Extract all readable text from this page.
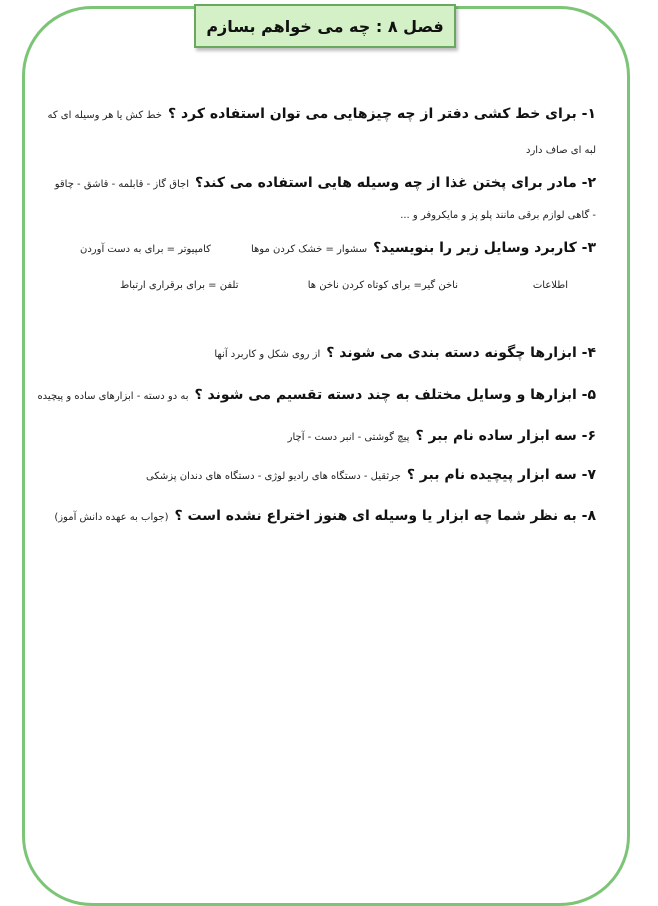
فصل ۸ : چه می خواهم بسازم
۱- برای خط کشی دفتر از چه چیزهایی می توان استفاده کرد ؟خط کش یا هر وسیله ای که
لبه ای صاف دارد
۲- مادر برای پختن غذا از چه وسیله هایی استفاده می کند؟اجاق گاز - قابلمه - قاشق - چاقو
- گاهی لوازم برقی مانند پلو پز و مایکروفر و ...
۳- کاربرد وسایل زیر را بنویسید؟سشوار = خشک کردن موها
کامپیوتر = برای به دست آوردن
اطلاعات
ناخن گیر= برای کوتاه کردن ناخن ها
تلفن = برای برقراری ارتباط
۴- ابزارها چگونه دسته بندی می شوند ؟از روی شکل و کاربرد آنها
۵- ابزارها و وسایل مختلف به چند دسته تقسیم می شوند ؟به دو دسته - ابزارهای ساده و پیچیده
۶- سه ابزار ساده نام ببر ؟پیچ گوشتی - انبر دست - آچار
۷- سه ابزار پیچیده نام ببر ؟جرثقیل - دستگاه های رادیو لوژی - دستگاه های دندان پزشکی
۸- به نظر شما چه ابزار یا وسیله ای هنوز اختراع نشده است ؟(جواب به عهده دانش آموز)
